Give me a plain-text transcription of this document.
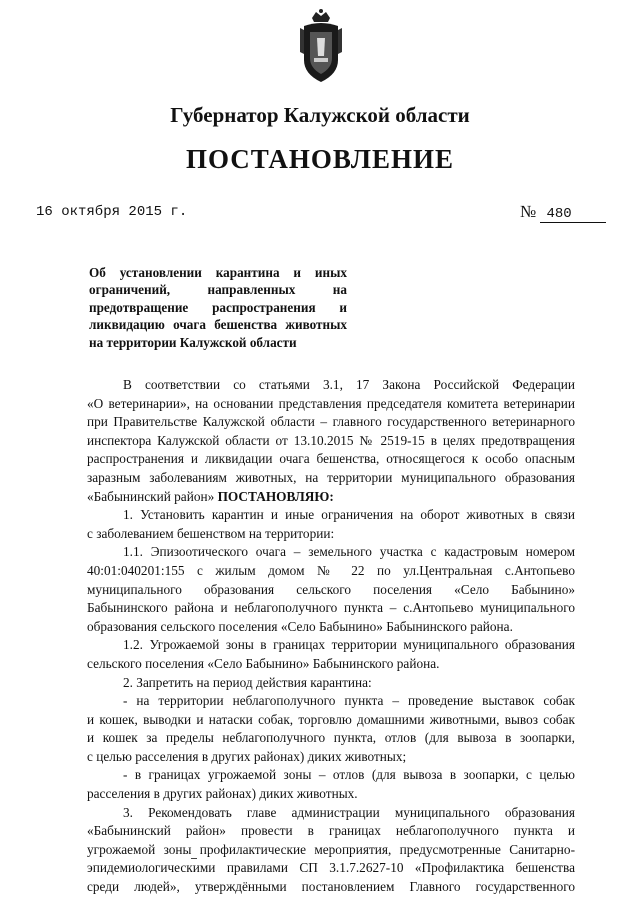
Губернатор Калужской области
ПОСТАНОВЛЕНИЕ
16 октября 2015 г.	№ 480
Об установлении карантина и иных
ограничений, направленных на
предотвращение распространения и
ликвидацию очага бешенства животных
на территории Калужской области
В соответствии со статьями 3.1, 17 Закона Российской Федерации
«О ветеринарии», на основании представления председателя комитета ветеринарии
при Правительстве Калужской области – главного государственного ветеринарного
инспектора Калужской области от 13.10.2015 № 2519-15 в целях предотвращения
распространения и ликвидации очага бешенства, относящегося к особо опасным
заразным заболеваниям животных, на территории муниципального образования
«Бабынинский район» ПОСТАНОВЛЯЮ:
1. Установить карантин и иные ограничения на оборот животных в связи
с заболеванием бешенством на территории:
1.1. Эпизоотического очага – земельного участка с кадастровым номером
40:01:040201:155 с жилым домом № 22 по ул.Центральная с.Антопьево
муниципального образования сельского поселения «Село Бабынино»
Бабынинского района и неблагополучного пункта – с.Антопьево муниципального
образования сельского поселения «Село Бабынино» Бабынинского района.
1.2. Угрожаемой зоны в границах территории муниципального образования
сельского поселения «Село Бабынино» Бабынинского района.
2. Запретить на период действия карантина:
- на территории неблагополучного пункта – проведение выставок собак
и кошек, выводки и натаски собак, торговлю домашними животными, вывоз собак
и кошек за пределы неблагополучного пункта, отлов (для вывоза в зоопарки,
с целью расселения в других районах) диких животных;
- в границах угрожаемой зоны – отлов (для вывоза в зоопарки, с целью
расселения в других районах) диких животных.
3. Рекомендовать главе администрации муниципального образования
«Бабынинский район» провести в границах неблагополучного пункта и
угрожаемой зоны профилактические мероприятия, предусмотренные Санитарно-
эпидемиологическими правилами СП 3.1.7.2627-10 «Профилактика бешенства
среди людей», утверждёнными постановлением Главного государственного
